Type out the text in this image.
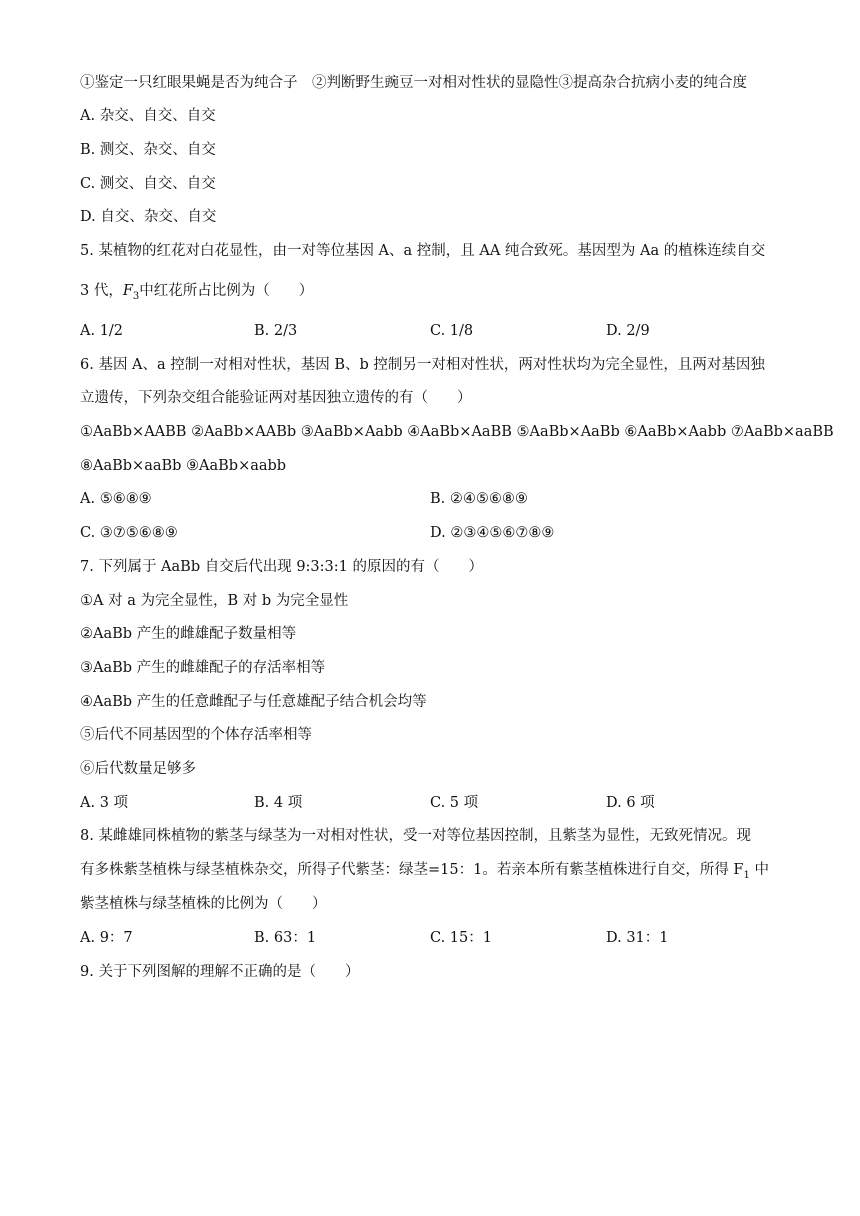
①鉴定一只红眼果蝇是否为纯合子　②判断野生豌豆一对相对性状的显隐性③提高杂合抗病小麦的纯合度
A. 杂交、自交、自交
B. 测交、杂交、自交
C. 测交、自交、自交
D. 自交、杂交、自交
5. 某植物的红花对白花显性，由一对等位基因 A、a 控制，且 AA 纯合致死。基因型为 Aa 的植株连续自交
3 代，$F_3$中红花所占比例为（　　）
A. 1/2	B. 2/3	C. 1/8	D. 2/9
6. 基因 A、a 控制一对相对性状，基因 B、b 控制另一对相对性状，两对性状均为完全显性，且两对基因独
立遗传，下列杂交组合能验证两对基因独立遗传的有（　　）
①AaBb×AABB ②AaBb×AABb ③AaBb×Aabb ④AaBb×AaBB ⑤AaBb×AaBb ⑥AaBb×Aabb ⑦AaBb×aaBB
⑧AaBb×aaBb ⑨AaBb×aabb
A. ⑤⑥⑧⑨	B. ②④⑤⑥⑧⑨
C. ③⑦⑤⑥⑧⑨	D. ②③④⑤⑥⑦⑧⑨
7. 下列属于 AaBb 自交后代出现 9:3:3:1 的原因的有（　　）
①A 对 a 为完全显性，B 对 b 为完全显性
②AaBb 产生的雌雄配子数量相等
③AaBb 产生的雌雄配子的存活率相等
④AaBb 产生的任意雌配子与任意雄配子结合机会均等
⑤后代不同基因型的个体存活率相等
⑥后代数量足够多
A. 3 项	B. 4 项	C. 5 项	D. 6 项
8. 某雌雄同株植物的紫茎与绿茎为一对相对性状，受一对等位基因控制，且紫茎为显性，无致死情况。现
有多株紫茎植株与绿茎植株杂交，所得子代紫茎：绿茎=15：1。若亲本所有紫茎植株进行自交，所得 $F_1$ 中
紫茎植株与绿茎植株的比例为（　　）
A. 9：7	B. 63：1	C. 15：1	D. 31：1
9. 关于下列图解的理解不正确的是（　　）
